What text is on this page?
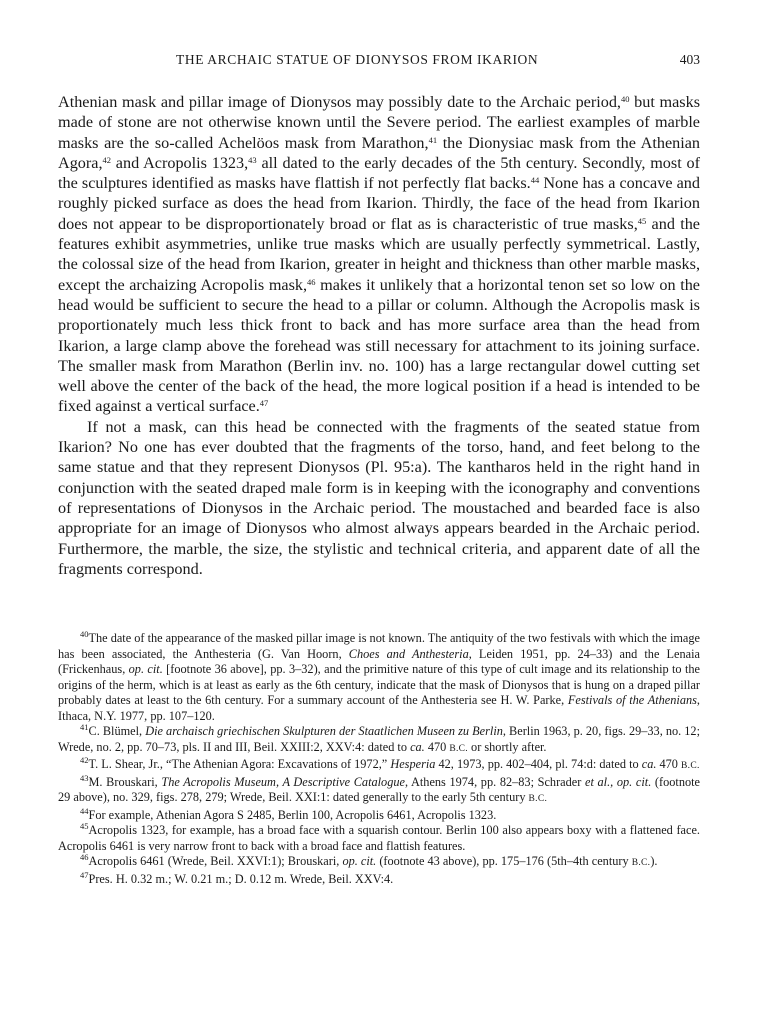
THE ARCHAIC STATUE OF DIONYSOS FROM IKARION	403

Athenian mask and pillar image of Dionysos may possibly date to the Archaic period,$^{40}$ but masks made of stone are not otherwise known until the Severe period. The earliest examples of marble masks are the so-called Achelöos mask from Marathon,$^{41}$ the Dionysiac mask from the Athenian Agora,$^{42}$ and Acropolis 1323,43 all dated to the early decades of the 5th century. Secondly, most of the sculptures identified as masks have flattish if not perfectly flat backs.$^{44}$ None has a concave and roughly picked surface as does the head from Ikarion. Thirdly, the face of the head from Ikarion does not appear to be disproportionately broad or flat as is characteristic of true masks,$^{45}$ and the features exhibit asymmetries, unlike true masks which are usually perfectly symmetrical. Lastly, the colossal size of the head from Ikarion, greater in height and thickness than other marble masks, except the archaizing Acropolis mask,$^{46}$ makes it unlikely that a horizontal tenon set so low on the head would be sufficient to secure the head to a pillar or column. Although the Acropolis mask is proportionately much less thick front to back and has more surface area than the head from Ikarion, a large clamp above the forehead was still necessary for attachment to its joining surface. The smaller mask from Marathon (Berlin inv. no. 100) has a large rectangular dowel cutting set well above the center of the back of the head, the more logical position if a head is intended to be fixed against a vertical surface.$^{47}$

If not a mask, can this head be connected with the fragments of the seated statue from Ikarion? No one has ever doubted that the fragments of the torso, hand, and feet belong to the same statue and that they represent Dionysos (Pl. 95:a). The kantharos held in the right hand in conjunction with the seated draped male form is in keeping with the iconography and conventions of representations of Dionysos in the Archaic period. The moustached and bearded face is also appropriate for an image of Dionysos who almost always appears bearded in the Archaic period. Furthermore, the marble, the size, the stylistic and technical criteria, and apparent date of all the fragments correspond.

$^{40}$The date of the appearance of the masked pillar image is not known. The antiquity of the two festivals with which the image has been associated, the Anthesteria (G. Van Hoorn, Choes and Anthesteria, Leiden 1951, pp. 24–33) and the Lenaia (Frickenhaus, op. cit. [footnote 36 above], pp. 3–32), and the primitive nature of this type of cult image and its relationship to the origins of the herm, which is at least as early as the 6th century, indicate that the mask of Dionysos that is hung on a draped pillar probably dates at least to the 6th century. For a summary account of the Anthesteria see H. W. Parke, Festivals of the Athenians, Ithaca, N.Y. 1977, pp. 107–120.

$^{41}$C. Blümel, Die archaisch griechischen Skulpturen der Staatlichen Museen zu Berlin, Berlin 1963, p. 20, figs. 29–33, no. 12; Wrede, no. 2, pp. 70–73, pls. II and III, Beil. XXIII:2, XXV:4: dated to ca. 470 B.C. or shortly after.

$^{42}$T. L. Shear, Jr., “The Athenian Agora: Excavations of 1972,” Hesperia 42, 1973, pp. 402–404, pl. 74:d: dated to ca. 470 B.C.

$^{43}$M. Brouskari, The Acropolis Museum, A Descriptive Catalogue, Athens 1974, pp. 82–83; Schrader et al., op. cit. (footnote 29 above), no. 329, figs. 278, 279; Wrede, Beil. XXI:1: dated generally to the early 5th century B.C.

$^{44}$For example, Athenian Agora S 2485, Berlin 100, Acropolis 6461, Acropolis 1323.

$^{45}$Acropolis 1323, for example, has a broad face with a squarish contour. Berlin 100 also appears boxy with a flattened face. Acropolis 6461 is very narrow front to back with a broad face and flattish features.

$^{46}$Acropolis 6461 (Wrede, Beil. XXVI:1); Brouskari, op. cit. (footnote 43 above), pp. 175–176 (5th–4th century B.C.).

$^{47}$Pres. H. 0.32 m.; W. 0.21 m.; D. 0.12 m. Wrede, Beil. XXV:4.
